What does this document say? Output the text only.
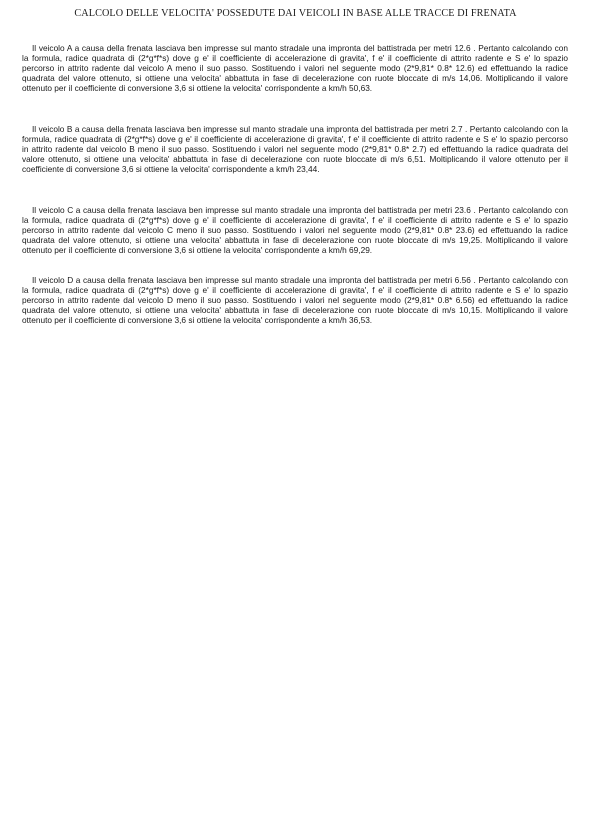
CALCOLO DELLE VELOCITA' POSSEDUTE DAI VEICOLI IN BASE ALLE TRACCE DI FRENATA

Il veicolo A a causa della frenata lasciava ben impresse sul manto stradale una impronta del battistrada per metri 12.6 . Pertanto calcolando con la formula, radice quadrata di (2*g*f*s) dove g e' il coefficiente di accelerazione di gravita', f e' il coefficiente di attrito radente e S e' lo spazio percorso in attrito radente dal veicolo A meno il suo passo. Sostituendo i valori nel seguente modo (2*9,81* 0.8* 12.6) ed effettuando la radice quadrata del valore ottenuto, si ottiene una velocita' abbattuta in fase di decelerazione con ruote bloccate di m/s 14,06. Moltiplicando il valore ottenuto per il coefficiente di conversione 3,6 si ottiene la velocita' corrispondente a km/h 50,63.

Il veicolo B a causa della frenata lasciava ben impresse sul manto stradale una impronta del battistrada per metri 2.7 . Pertanto calcolando con la formula, radice quadrata di (2*g*f*s) dove g e' il coefficiente di accelerazione di gravita', f e' il coefficiente di attrito radente e S e' lo spazio percorso in attrito radente dal veicolo B meno il suo passo. Sostituendo i valori nel seguente modo (2*9,81* 0.8* 2.7) ed effettuando la radice quadrata del valore ottenuto, si ottiene una velocita' abbattuta in fase di decelerazione con ruote bloccate di m/s 6,51. Moltiplicando il valore ottenuto per il coefficiente di conversione 3,6 si ottiene la velocita' corrispondente a km/h 23,44.

Il veicolo C a causa della frenata lasciava ben impresse sul manto stradale una impronta del battistrada per metri 23.6 . Pertanto calcolando con la formula, radice quadrata di (2*g*f*s) dove g e' il coefficiente di accelerazione di gravita', f e' il coefficiente di attrito radente e S e' lo spazio percorso in attrito radente dal veicolo C meno il suo passo. Sostituendo i valori nel seguente modo (2*9,81* 0.8* 23.6) ed effettuando la radice quadrata del valore ottenuto, si ottiene una velocita' abbattuta in fase di decelerazione con ruote bloccate di m/s 19,25. Moltiplicando il valore ottenuto per il coefficiente di conversione 3,6 si ottiene la velocita' corrispondente a km/h 69,29.

Il veicolo D a causa della frenata lasciava ben impresse sul manto stradale una impronta del battistrada per metri 6.56 . Pertanto calcolando con la formula, radice quadrata di (2*g*f*s) dove g e' il coefficiente di accelerazione di gravita', f e' il coefficiente di attrito radente e S e' lo spazio percorso in attrito radente dal veicolo D meno il suo passo. Sostituendo i valori nel seguente modo (2*9,81* 0.8* 6.56) ed effettuando la radice quadrata del valore ottenuto, si ottiene una velocita' abbattuta in fase di decelerazione con ruote bloccate di m/s 10,15. Moltiplicando il valore ottenuto per il coefficiente di conversione 3,6 si ottiene la velocita' corrispondente a km/h 36,53.
